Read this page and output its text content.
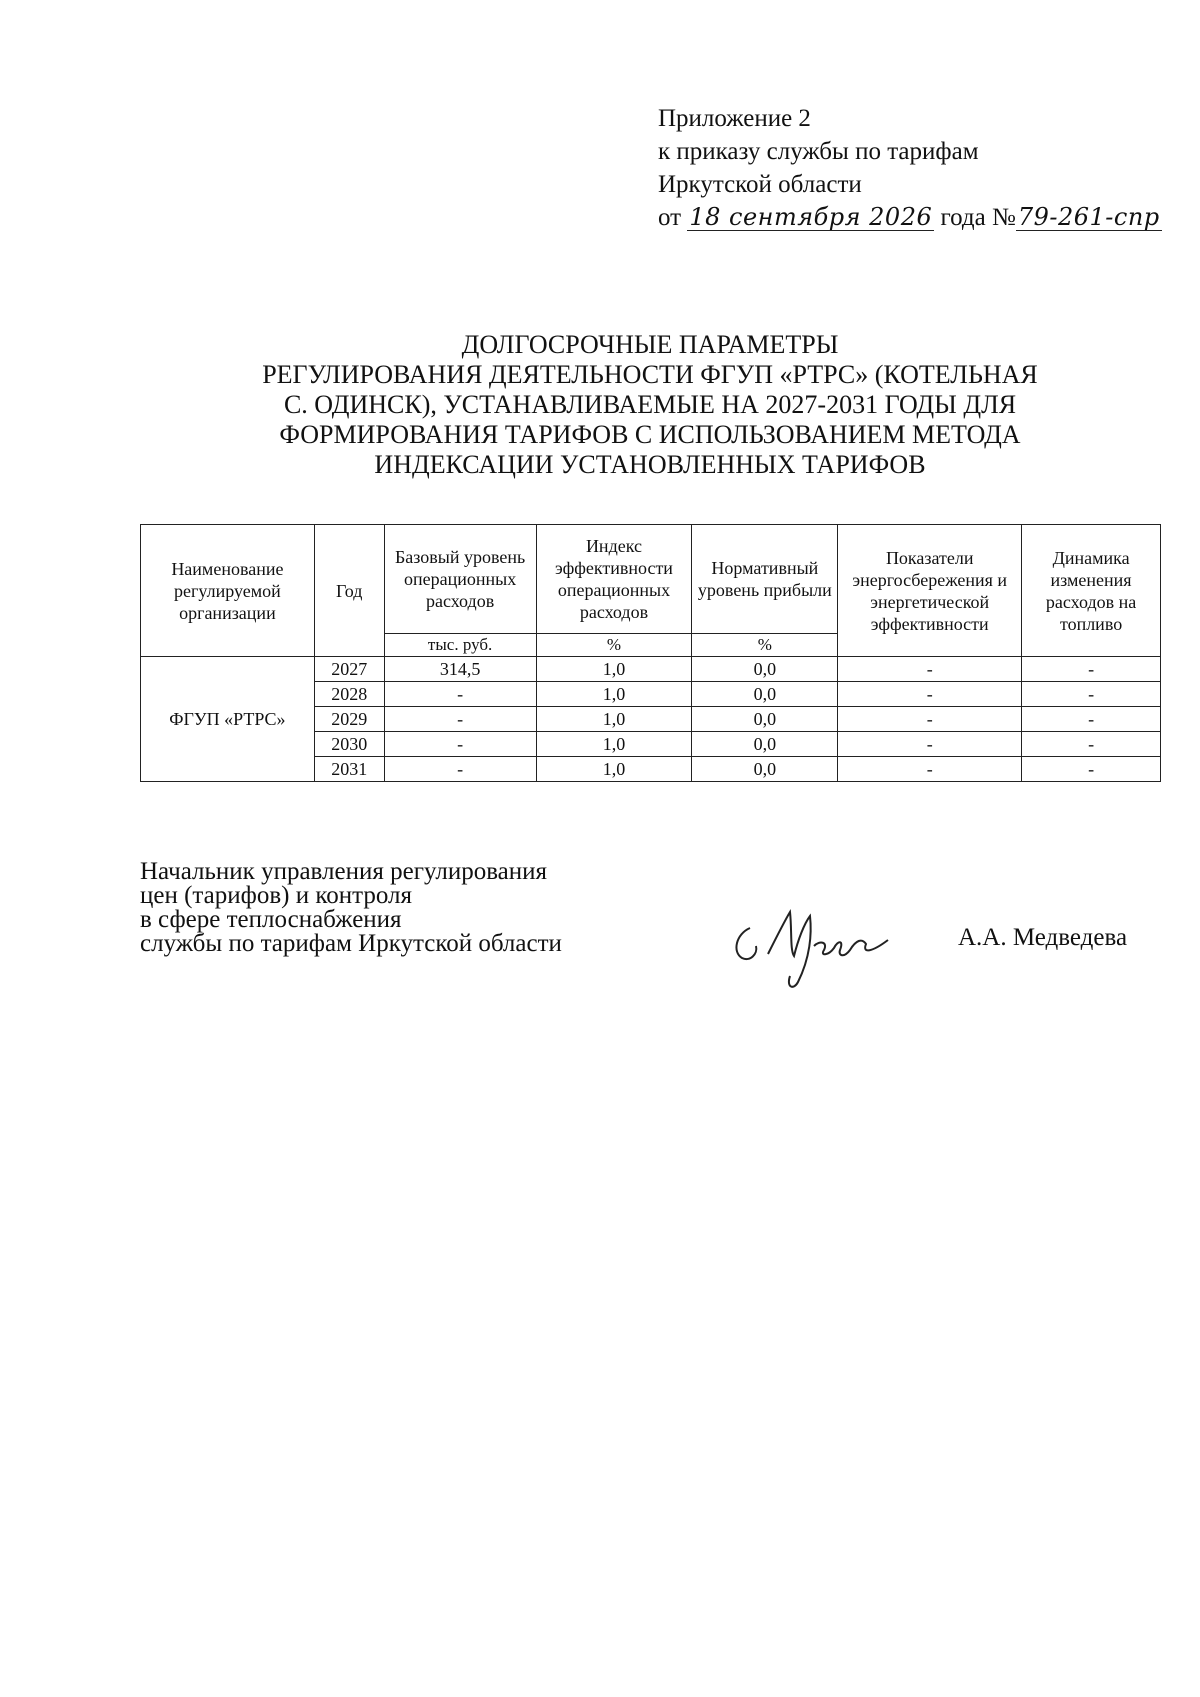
Приложение 2
к приказу службы по тарифам
Иркутской области
от 18 сентября 2026 года №79-261-спр
ДОЛГОСРОЧНЫЕ ПАРАМЕТРЫ
РЕГУЛИРОВАНИЯ ДЕЯТЕЛЬНОСТИ ФГУП «РТРС» (КОТЕЛЬНАЯ
С. ОДИНСК), УСТАНАВЛИВАЕМЫЕ НА 2027-2031 ГОДЫ ДЛЯ
ФОРМИРОВАНИЯ ТАРИФОВ С ИСПОЛЬЗОВАНИЕМ МЕТОДА
ИНДЕКСАЦИИ УСТАНОВЛЕННЫХ ТАРИФОВ
Наименование регулируемой организации	Год	Базовый уровень операционных расходов	Индекс эффективности операционных расходов	Нормативный уровень прибыли	Показатели энергосбережения и энергетической эффективности	Динамика изменения расходов на топливо
		тыс. руб.	%	%		
ФГУП «РТРС»	2027	314,5	1,0	0,0	-	-
	2028	-	1,0	0,0	-	-
	2029	-	1,0	0,0	-	-
	2030	-	1,0	0,0	-	-
	2031	-	1,0	0,0	-	-
Начальник управления регулирования
цен (тарифов) и контроля
в сфере теплоснабжения
службы по тарифам Иркутской области	А.А. Медведева
